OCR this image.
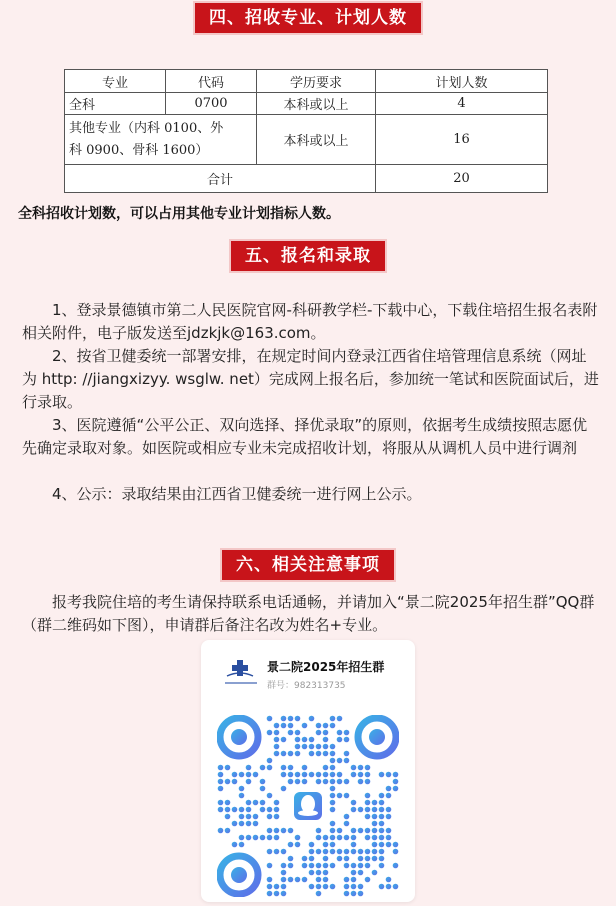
四、招收专业、计划人数
专业	代码	学历要求	计划人数
全科	0700	本科或以上	4
其他专业（内科 0100、外科 0900、骨科 1600）		本科或以上	16
合计			20
全科招收计划数，可以占用其他专业计划指标人数。
五、报名和录取

1、登录景德镇市第二人民医院官网-科研教学栏-下载中心，下载住培招生报名表附相关附件，电子版发送至jdzkjk@163.com。

2、按省卫健委统一部署安排，在规定时间内登录江西省住培管理信息系统（网址为 http: //jiangxizyy. wsglw. net）完成网上报名后，参加统一笔试和医院面试后，进行录取。

3、医院遵循“公平公正、双向选择、择优录取”的原则，依据考生成绩按照志愿优先确定录取对象。如医院或相应专业未完成招收计划，将服从从调机人员中进行调剂

4、公示：录取结果由江西省卫健委统一进行网上公示。

六、相关注意事项

报考我院住培的考生请保持联系电话通畅，并请加入“景二院2025年招生群”QQ群（群二维码如下图），申请群后备注名改为姓名+专业。

景二院2025年招生群
群号：982313735
